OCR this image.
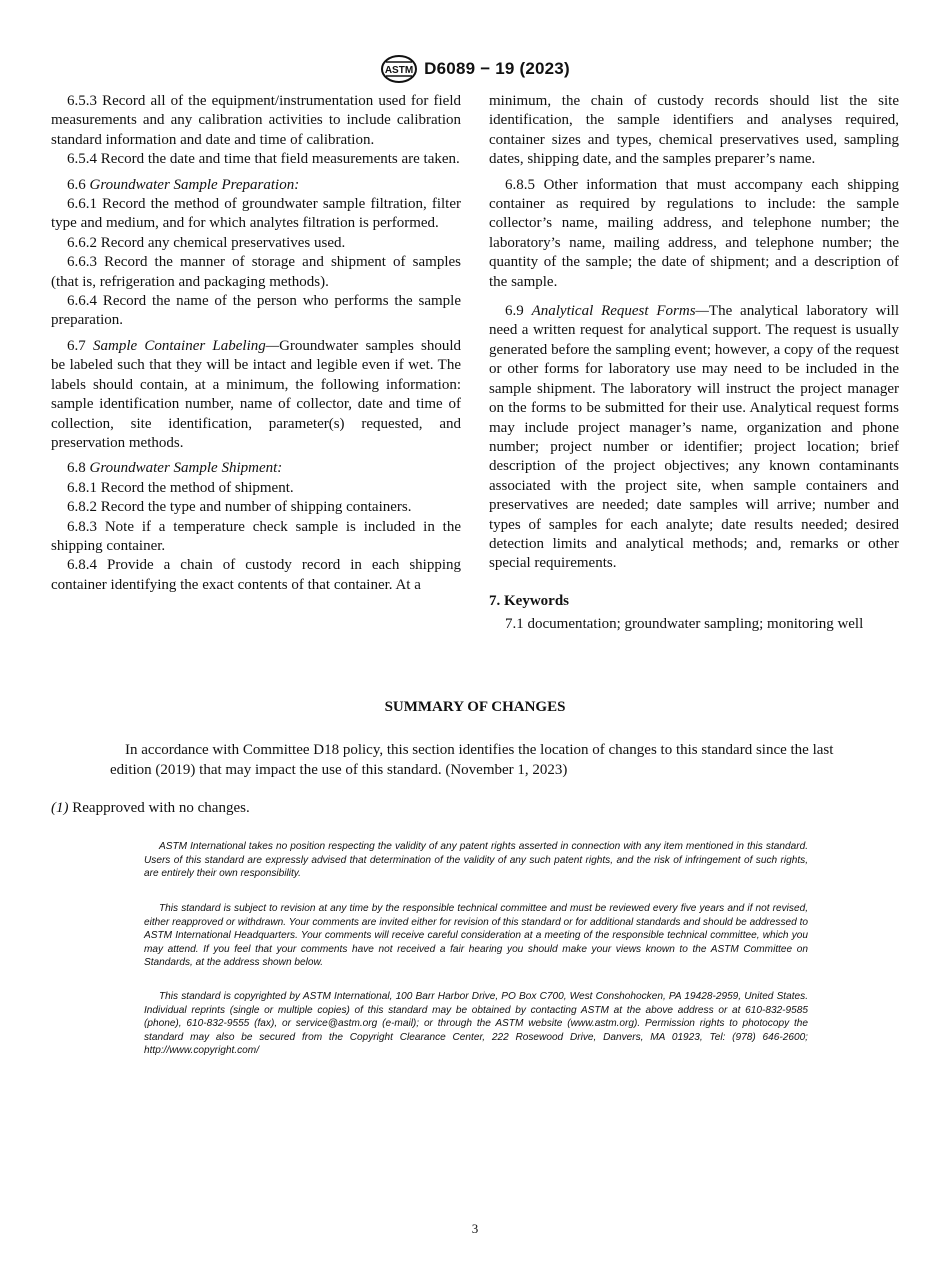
ASTM D6089 − 19 (2023)

6.5.3 Record all of the equipment/instrumentation used for field measurements and any calibration activities to include calibration standard information and date and time of calibration.

6.5.4 Record the date and time that field measurements are taken.

6.6 Groundwater Sample Preparation:

6.6.1 Record the method of groundwater sample filtration, filter type and medium, and for which analytes filtration is performed.

6.6.2 Record any chemical preservatives used.

6.6.3 Record the manner of storage and shipment of samples (that is, refrigeration and packaging methods).

6.6.4 Record the name of the person who performs the sample preparation.

6.7 Sample Container Labeling—Groundwater samples should be labeled such that they will be intact and legible even if wet. The labels should contain, at a minimum, the following information: sample identification number, name of collector, date and time of collection, site identification, parameter(s) requested, and preservation methods.

6.8 Groundwater Sample Shipment:

6.8.1 Record the method of shipment.

6.8.2 Record the type and number of shipping containers.

6.8.3 Note if a temperature check sample is included in the shipping container.

6.8.4 Provide a chain of custody record in each shipping container identifying the exact contents of that container. At a

minimum, the chain of custody records should list the site identification, the sample identifiers and analyses required, container sizes and types, chemical preservatives used, sampling dates, shipping date, and the samples preparer’s name.

6.8.5 Other information that must accompany each shipping container as required by regulations to include: the sample collector’s name, mailing address, and telephone number; the laboratory’s name, mailing address, and telephone number; the quantity of the sample; the date of shipment; and a description of the sample.

6.9 Analytical Request Forms—The analytical laboratory will need a written request for analytical support. The request is usually generated before the sampling event; however, a copy of the request or other forms for laboratory use may need to be included in the sample shipment. The laboratory will instruct the project manager on the forms to be submitted for their use. Analytical request forms may include project manager’s name, organization and phone number; project number or identifier; project location; brief description of the project objectives; any known contaminants associated with the project site, when sample containers and preservatives are needed; date samples will arrive; number and types of samples for each analyte; date results needed; desired detection limits and analytical methods; and, remarks or other special requirements.

7. Keywords

7.1 documentation; groundwater sampling; monitoring well

SUMMARY OF CHANGES
In accordance with Committee D18 policy, this section identifies the location of changes to this standard since the last edition (2019) that may impact the use of this standard. (November 1, 2023)
(1) Reapproved with no changes.
ASTM International takes no position respecting the validity of any patent rights asserted in connection with any item mentioned in this standard. Users of this standard are expressly advised that determination of the validity of any such patent rights, and the risk of infringement of such rights, are entirely their own responsibility.
This standard is subject to revision at any time by the responsible technical committee and must be reviewed every five years and if not revised, either reapproved or withdrawn. Your comments are invited either for revision of this standard or for additional standards and should be addressed to ASTM International Headquarters. Your comments will receive careful consideration at a meeting of the responsible technical committee, which you may attend. If you feel that your comments have not received a fair hearing you should make your views known to the ASTM Committee on Standards, at the address shown below.
This standard is copyrighted by ASTM International, 100 Barr Harbor Drive, PO Box C700, West Conshohocken, PA 19428-2959, United States. Individual reprints (single or multiple copies) of this standard may be obtained by contacting ASTM at the above address or at 610-832-9585 (phone), 610-832-9555 (fax), or service@astm.org (e-mail); or through the ASTM website (www.astm.org). Permission rights to photocopy the standard may also be secured from the Copyright Clearance Center, 222 Rosewood Drive, Danvers, MA 01923, Tel: (978) 646-2600; http://www.copyright.com/
3
